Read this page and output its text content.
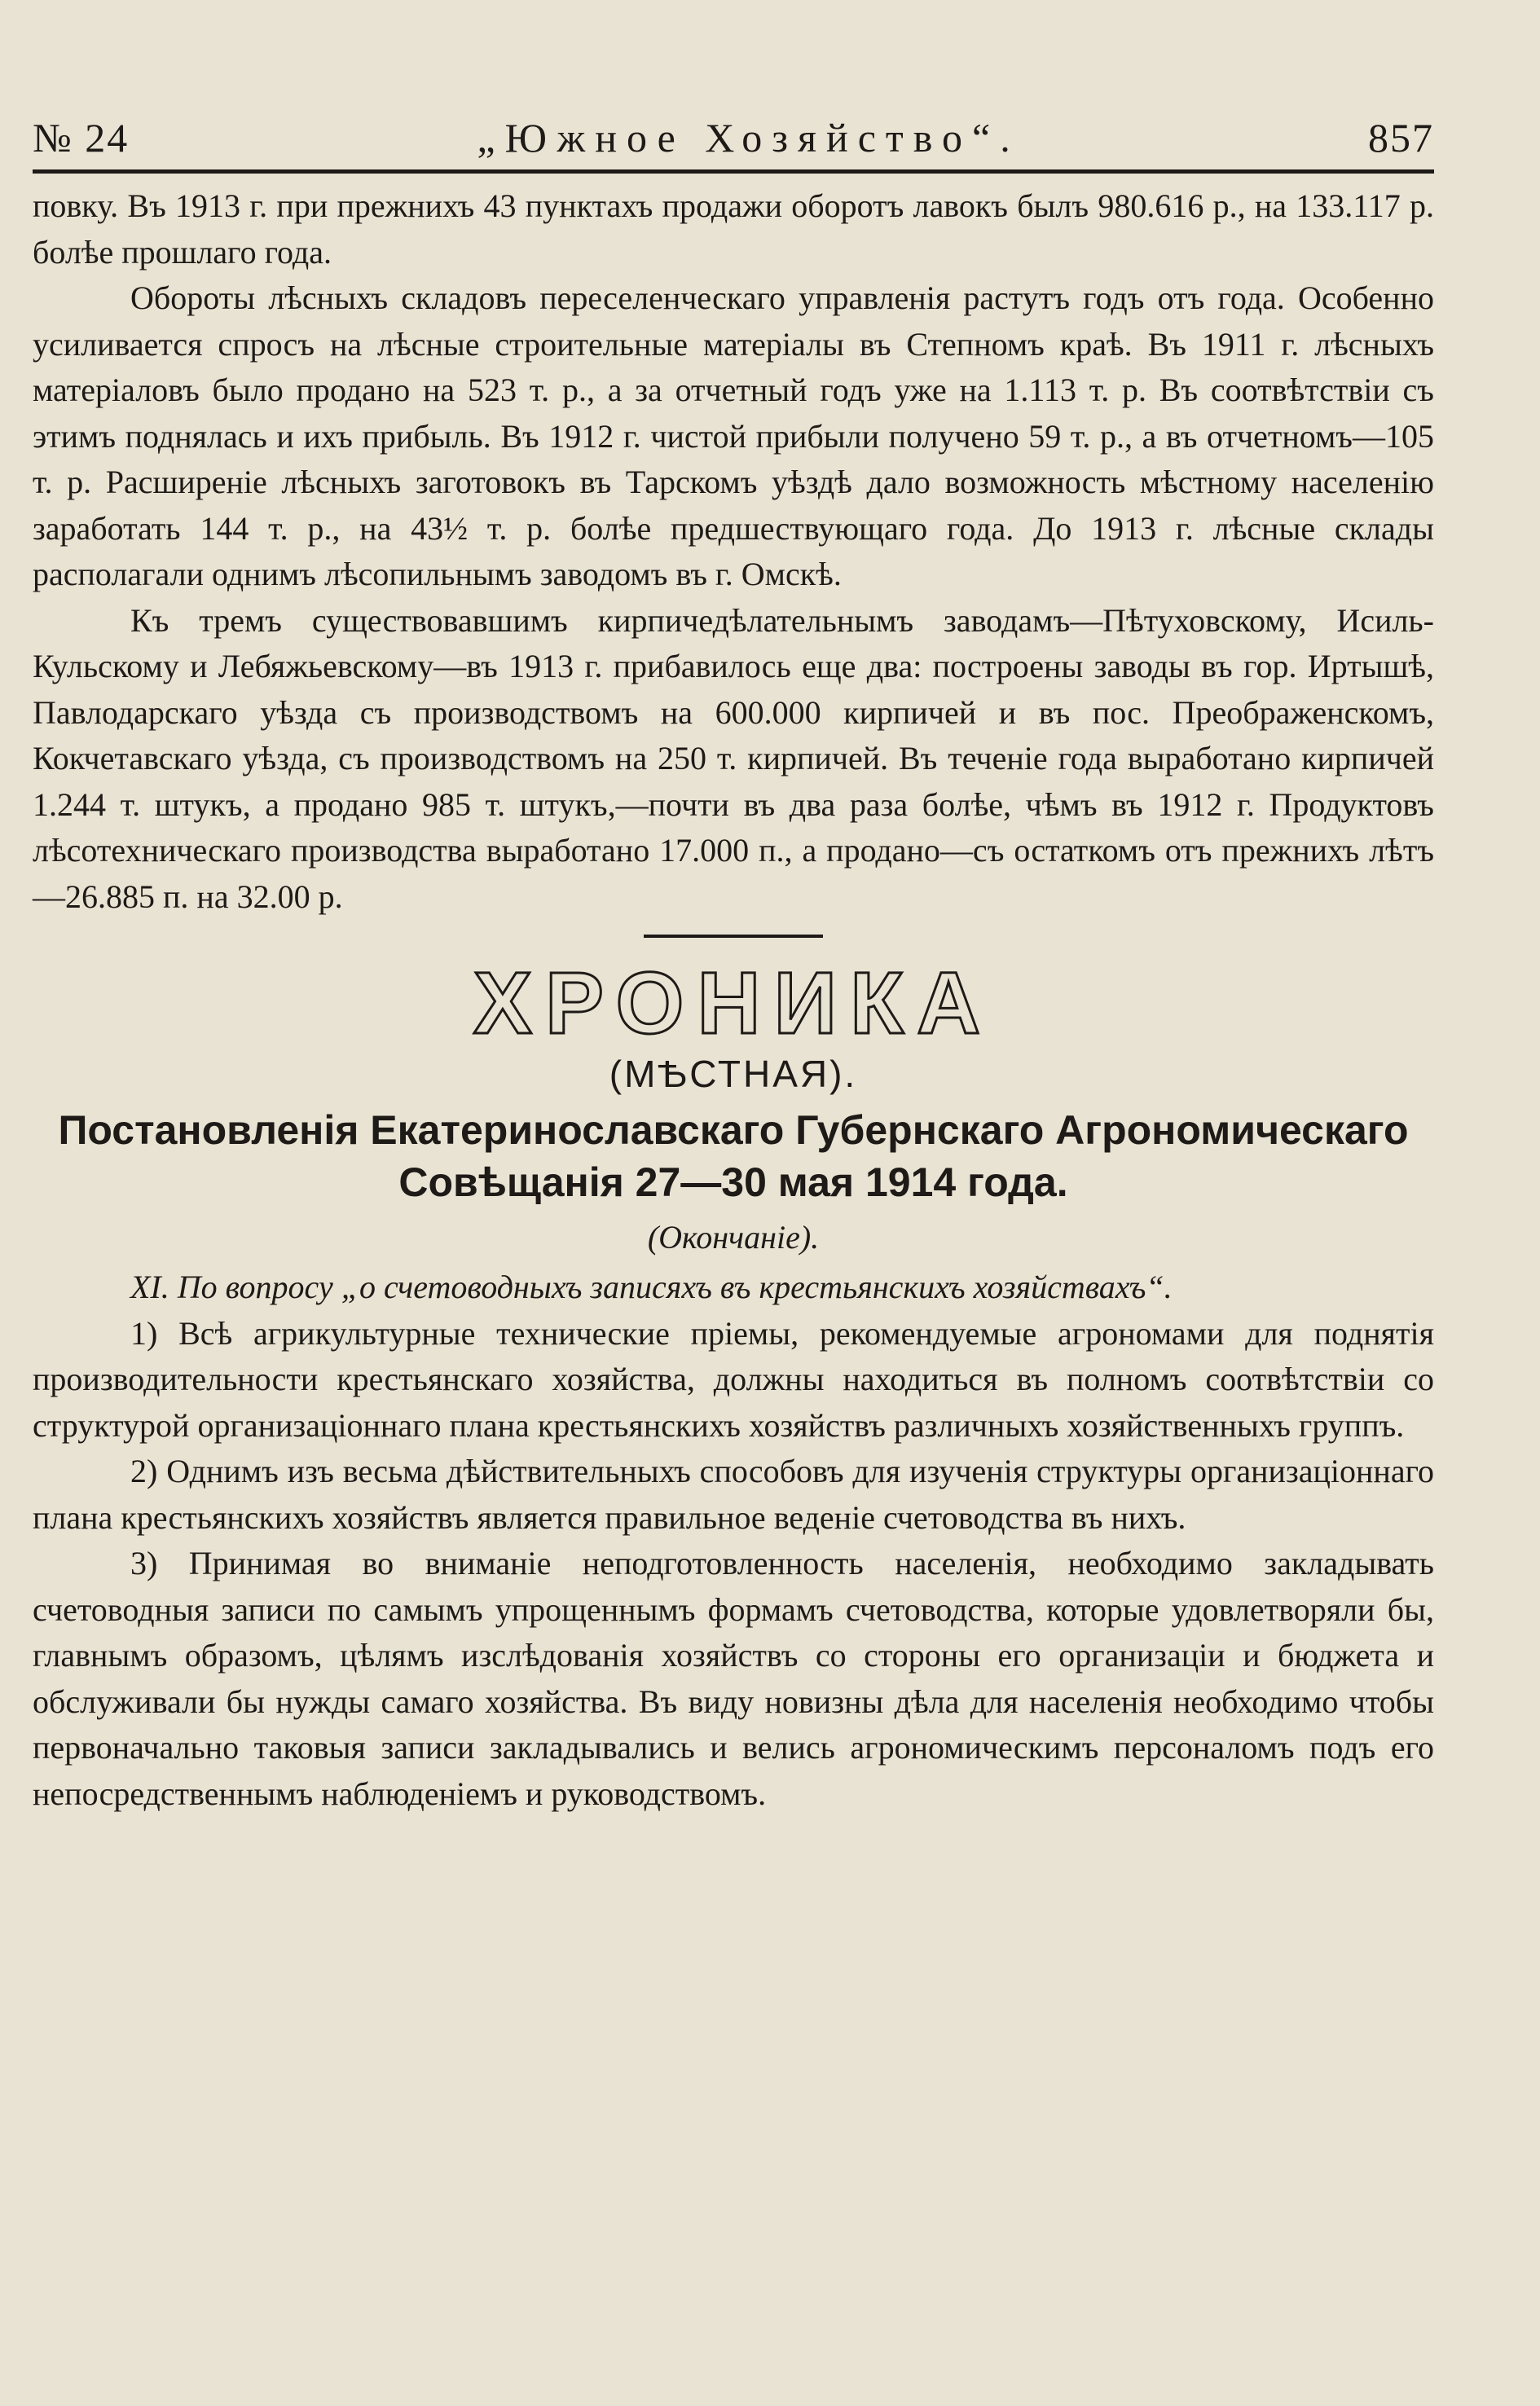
№ 24	„Южное Хозяйство“.	857

повку. Въ 1913 г. при прежнихъ 43 пунктахъ продажи оборотъ лавокъ былъ 980.616 р., на 133.117 р. болѣе прошлаго года.

Обороты лѣсныхъ складовъ переселенческаго управленія растутъ годъ отъ года. Особенно усиливается спросъ на лѣсные строительные матеріалы въ Степномъ краѣ. Въ 1911 г. лѣсныхъ матеріаловъ было продано на 523 т. р., а за отчетный годъ уже на 1.113 т. р. Въ соотвѣтствіи съ этимъ поднялась и ихъ прибыль. Въ 1912 г. чистой прибыли получено 59 т. р., а въ отчетномъ—105 т. р. Расширеніе лѣсныхъ заготовокъ въ Тарскомъ уѣздѣ дало возможность мѣстному населенію заработать 144 т. р., на 43½ т. р. болѣе предшествующаго года. До 1913 г. лѣсные склады располагали однимъ лѣсопильнымъ заводомъ въ г. Омскѣ.

Къ тремъ существовавшимъ кирпичедѣлательнымъ заводамъ—Пѣтуховскому, Исиль-Кульскому и Лебяжьевскому—въ 1913 г. прибавилось еще два: построены заводы въ гор. Иртышѣ, Павлодарскаго уѣзда съ производствомъ на 600.000 кирпичей и въ пос. Преображенскомъ, Кокчетавскаго уѣзда, съ производствомъ на 250 т. кирпичей. Въ теченіе года выработано кирпичей 1.244 т. штукъ, а продано 985 т. штукъ,—почти въ два раза болѣе, чѣмъ въ 1912 г. Продуктовъ лѣсотехническаго производства выработано 17.000 п., а продано—съ остаткомъ отъ прежнихъ лѣтъ—26.885 п. на 32.00 р.

ХРОНИКА
(МѢСТНАЯ).
Постановленія Екатеринославскаго Губернскаго Агрономическаго Совѣщанія 27—30 мая 1914 года.
(Окончаніе).

XI. По вопросу „о счетоводныхъ записяхъ въ крестьянскихъ хозяйствахъ“.

1) Всѣ агрикультурные технические пріемы, рекомендуемые агрономами для поднятія производительности крестьянскаго хозяйства, должны находиться въ полномъ соотвѣтствіи со структурой организаціоннаго плана крестьянскихъ хозяйствъ различныхъ хозяйственныхъ группъ.

2) Однимъ изъ весьма дѣйствительныхъ способовъ для изученія структуры организаціоннаго плана крестьянскихъ хозяйствъ является правильное веденіе счетоводства въ нихъ.

3) Принимая во вниманіе неподготовленность населенія, необходимо закладывать счетоводныя записи по самымъ упрощеннымъ формамъ счетоводства, которые удовлетворяли бы, главнымъ образомъ, цѣлямъ изслѣдованія хозяйствъ со стороны его организаціи и бюджета и обслуживали бы нужды самаго хозяйства. Въ виду новизны дѣла для населенія необходимо чтобы первоначально таковыя записи закладывались и велись агрономическимъ персоналомъ подъ его непосредственнымъ наблюденіемъ и руководствомъ.
